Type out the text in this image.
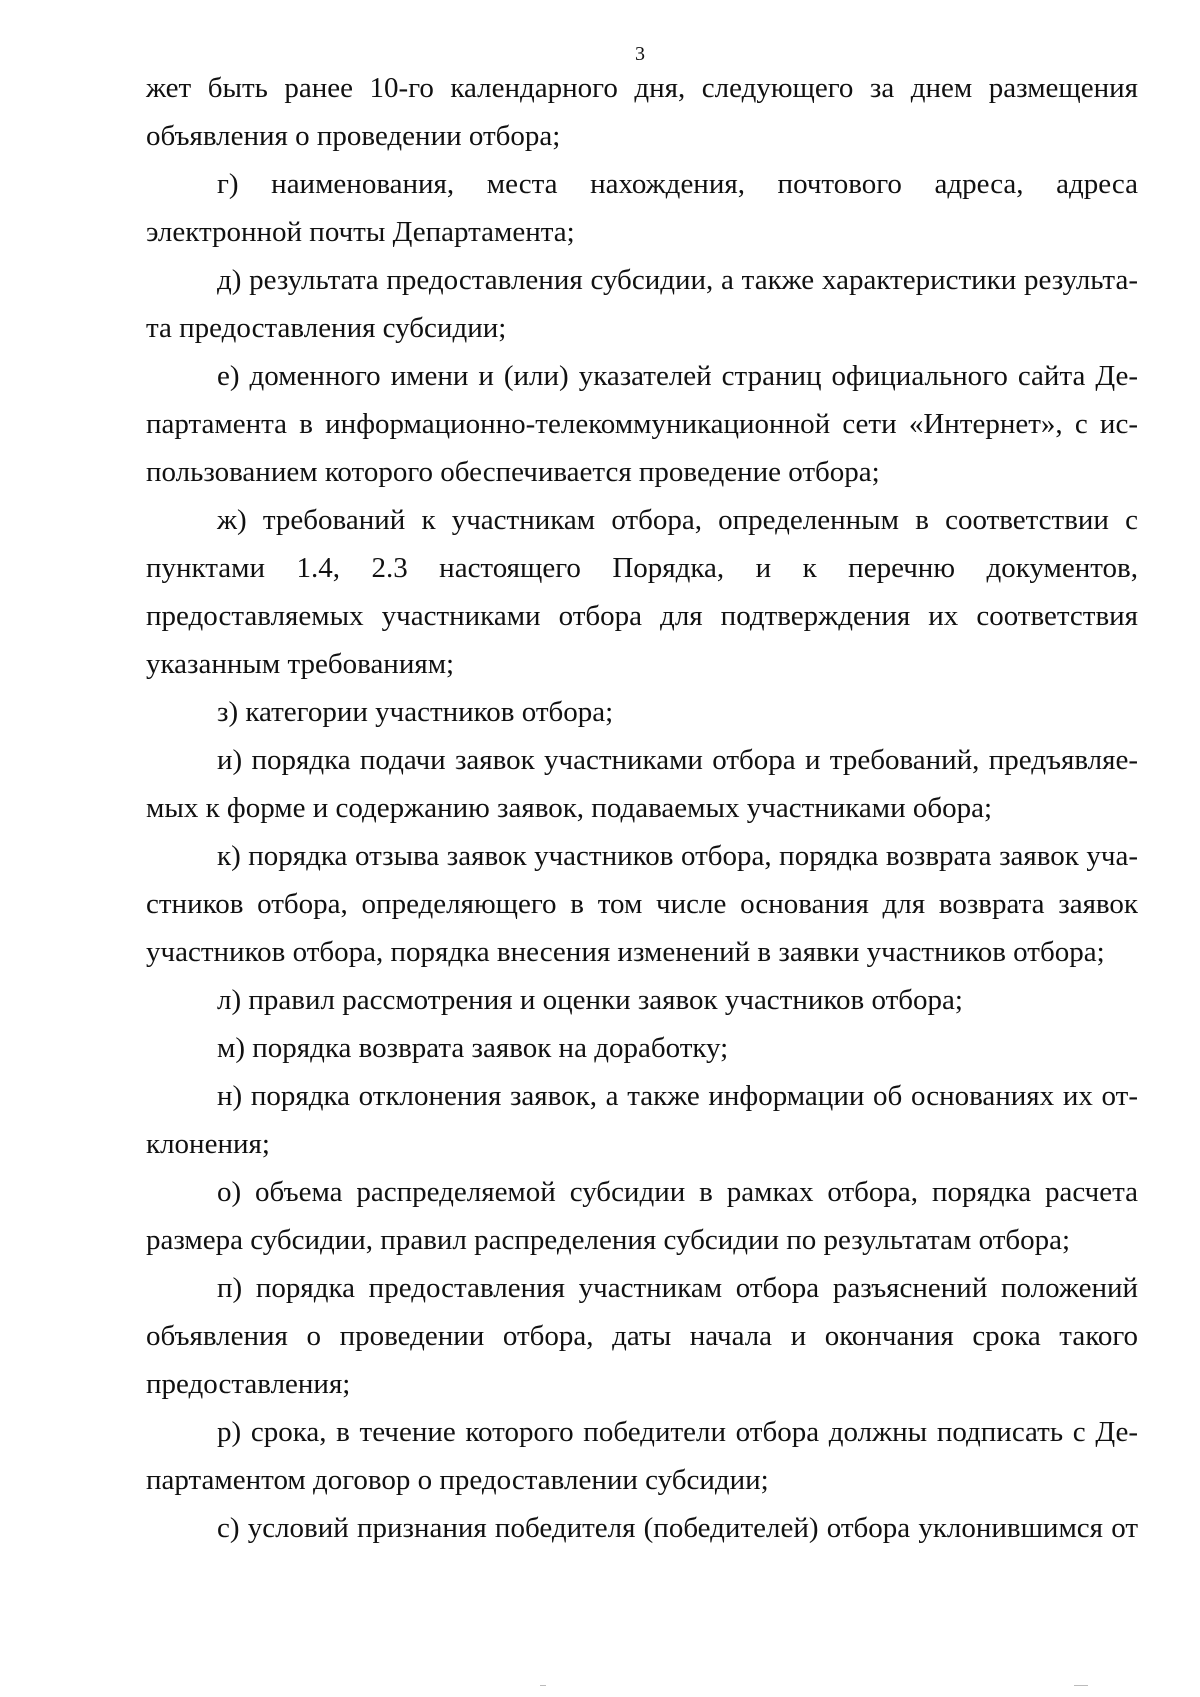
3

жет быть ранее 10-го календарного дня, следующего за днем размещения объявления о проведении отбора;

г) наименования, места нахождения, почтового адреса, адреса электронной почты Департамента;

д) результата предоставления субсидии, а также характеристики результата предоставления субсидии;

е) доменного имени и (или) указателей страниц официального сайта Департамента в информационно-телекоммуникационной сети «Интернет», с использованием которого обеспечивается проведение отбора;

ж) требований к участникам отбора, определенным в соответствии с пунктами 1.4, 2.3 настоящего Порядка, и к перечню документов, предоставляемых участниками отбора для подтверждения их соответствия указанным требованиям;

з) категории участников отбора;

и) порядка подачи заявок участниками отбора и требований, предъявляемых к форме и содержанию заявок, подаваемых участниками обора;

к) порядка отзыва заявок участников отбора, порядка возврата заявок участников отбора, определяющего в том числе основания для возврата заявок участников отбора, порядка внесения изменений в заявки участников отбора;

л) правил рассмотрения и оценки заявок участников отбора;

м) порядка возврата заявок на доработку;

н) порядка отклонения заявок, а также информации об основаниях их отклонения;

о) объема распределяемой субсидии в рамках отбора, порядка расчета размера субсидии, правил распределения субсидии по результатам отбора;

п) порядка предоставления участникам отбора разъяснений положений объявления о проведении отбора, даты начала и окончания срока такого предоставления;

р) срока, в течение которого победители отбора должны подписать с Департаментом договор о предоставлении субсидии;

с) условий признания победителя (победителей) отбора уклонившимся от
